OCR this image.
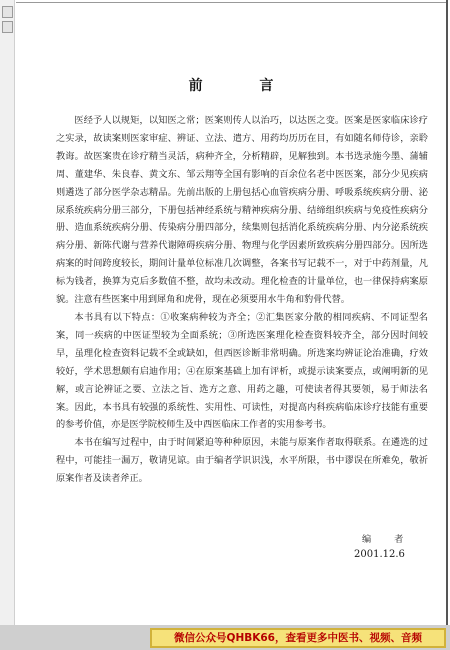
前 言

医经予人以规矩，以知医之常；医案则传人以治巧，以达医之变。医案是医家临床诊疗之实录，故读案则医家审症、辨证、立法、遣方、用药均历历在目，有如随名师侍诊，亲聆教诲。故医案贵在诊疗精当灵活，病种齐全，分析精辟，见解独到。本书选录施今墨、蒲辅周、董建华、朱良春、黄文东、邹云翔等全国有影响的百余位名老中医医案，部分少见疾病则遴选了部分医学杂志精品。先前出版的上册包括心血管疾病分册、呼吸系统疾病分册、泌尿系统疾病分册三部分，下册包括神经系统与精神疾病分册、结缔组织疾病与免疫性疾病分册、造血系统疾病分册、传染病分册四部分，续集则包括消化系统疾病分册、内分泌系统疾病分册、新陈代谢与营养代谢障碍疾病分册、物理与化学因素所致疾病分册四部分。因所选病案的时间跨度较长，期间计量单位标准几次调整，各案书写记载不一，对于中药剂量，凡标为钱者，换算为克后多数值不整，故均未改动。理化检查的计量单位，也一律保持病案原貌。注意有些医案中用到犀角和虎骨，现在必须要用水牛角和豹骨代替。

本书具有以下特点：①收案病种较为齐全；②汇集医家分散的相同疾病、不同证型名案，同一疾病的中医证型较为全面系统；③所选医案理化检查资料较齐全，部分因时间较早，虽理化检查资料记载不全或缺如，但西医诊断非常明确。所选案均辨证论治准确，疗效较好，学术思想颇有启迪作用；④在原案基础上加有评析，或提示读案要点，或阐明新的见解，或言论辨证之要、立法之旨、选方之意、用药之趣，可使读者得其要领，易于师法名案。因此，本书具有较强的系统性、实用性、可读性，对提高内科疾病临床诊疗技能有重要的参考价值，亦是医学院校师生及中西医临床工作者的实用参考书。

本书在编写过程中，由于时间紧迫等种种原因，未能与原案作者取得联系。在遴选的过程中，可能挂一漏万，敬请见谅。由于编者学识识浅，水平所限，书中谬误在所难免，敬祈原案作者及读者斧正。

编 者
2001.12.6
微信公众号QHBK66，查看更多中医书、视频、音频
